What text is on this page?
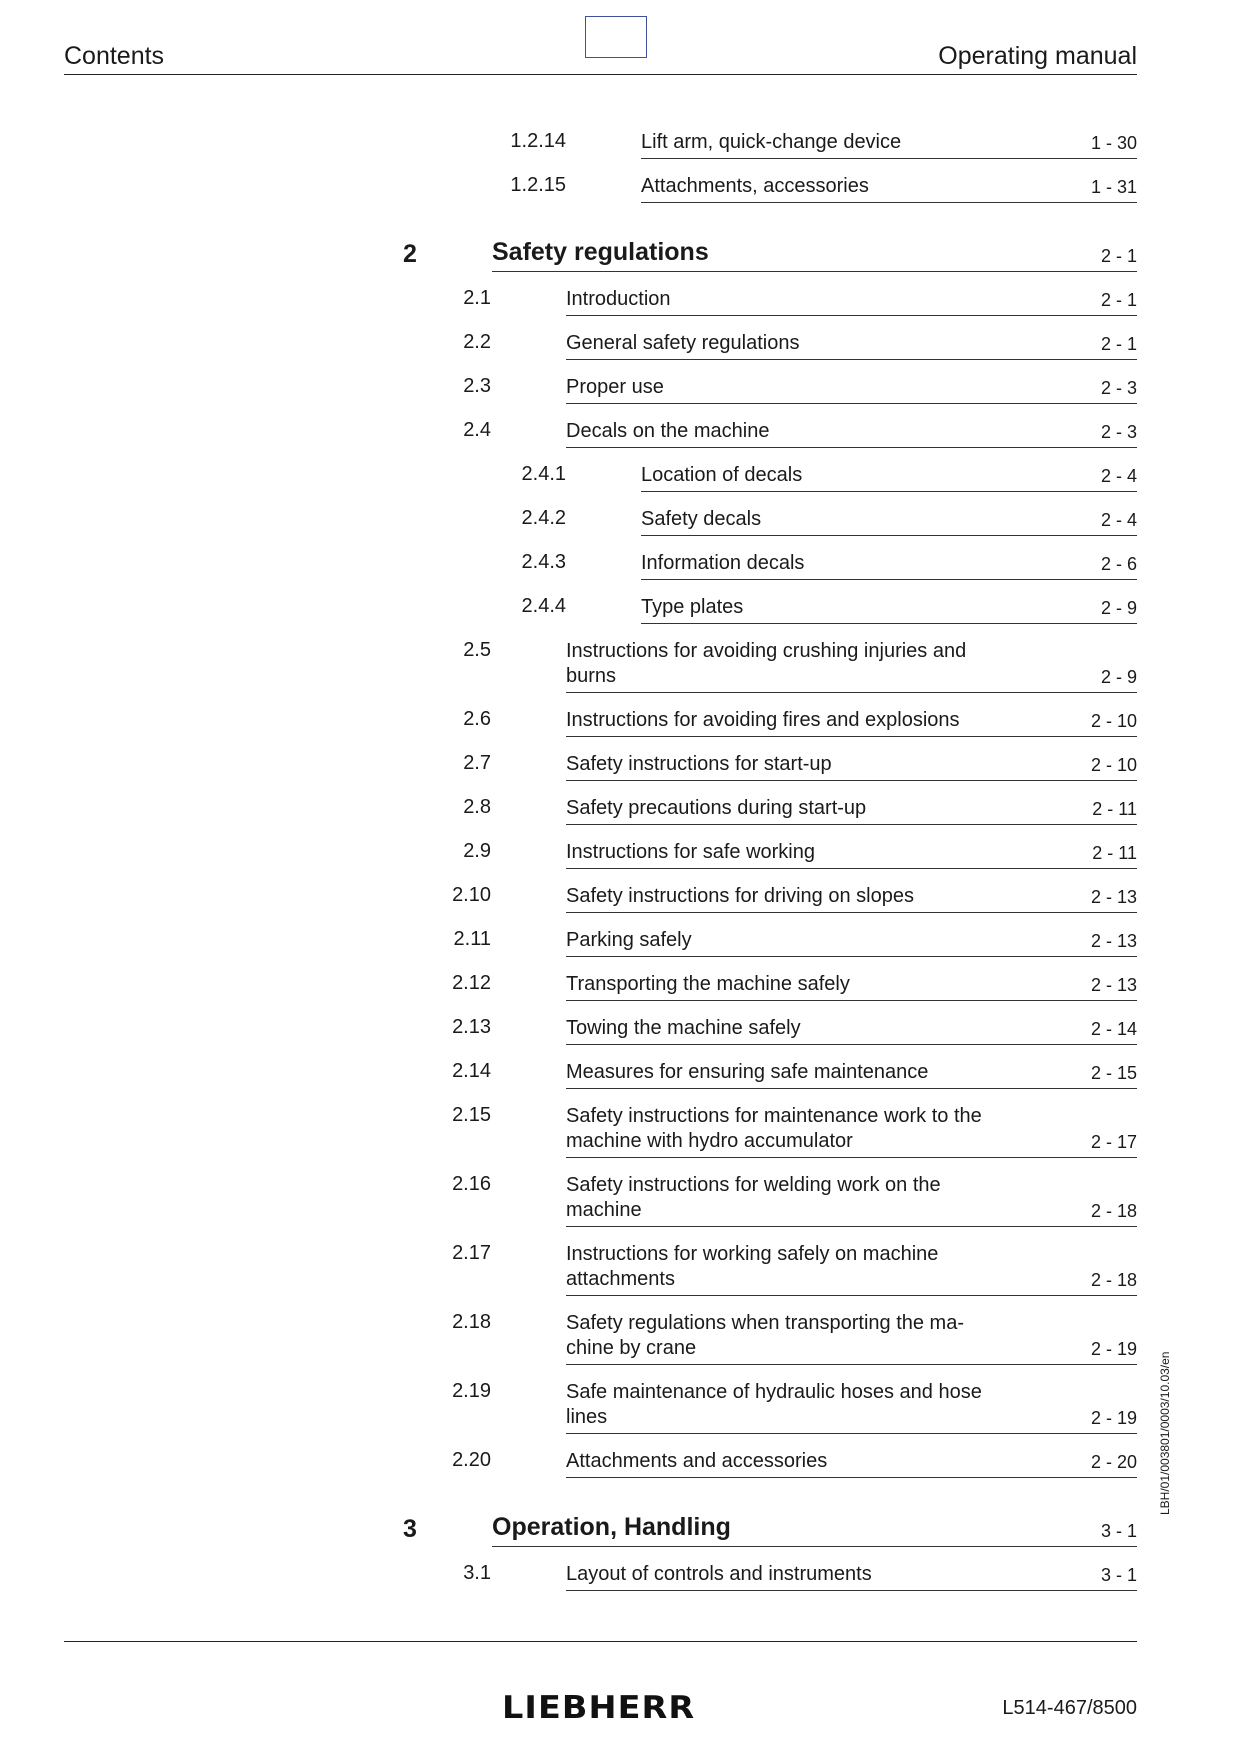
Contents	Operating manual
1.2.14	Lift arm, quick-change device	1 - 30
1.2.15	Attachments, accessories	1 - 31
2	Safety regulations	2 - 1
2.1	Introduction	2 - 1
2.2	General safety regulations	2 - 1
2.3	Proper use	2 - 3
2.4	Decals on the machine	2 - 3
2.4.1	Location of decals	2 - 4
2.4.2	Safety decals	2 - 4
2.4.3	Information decals	2 - 6
2.4.4	Type plates	2 - 9
2.5	Instructions for avoiding crushing injuries and
burns	2 - 9
2.6	Instructions for avoiding fires and explosions	2 - 10
2.7	Safety instructions for start-up	2 - 10
2.8	Safety precautions during start-up	2 - 11
2.9	Instructions for safe working	2 - 11
2.10	Safety instructions for driving on slopes	2 - 13
2.11	Parking safely	2 - 13
2.12	Transporting the machine safely	2 - 13
2.13	Towing the machine safely	2 - 14
2.14	Measures for ensuring safe maintenance	2 - 15
2.15	Safety instructions for maintenance work to the
machine with hydro accumulator	2 - 17
2.16	Safety instructions for welding work on the
machine	2 - 18
2.17	Instructions for working safely on machine
attachments	2 - 18
2.18	Safety regulations when transporting the ma-
chine by crane	2 - 19
2.19	Safe maintenance of hydraulic hoses and hose
lines	2 - 19
2.20	Attachments and accessories	2 - 20
3	Operation, Handling	3 - 1
3.1	Layout of controls and instruments	3 - 1
LIEBHERR	L514-467/8500
LBH/01/003801/0003/10.03/en
